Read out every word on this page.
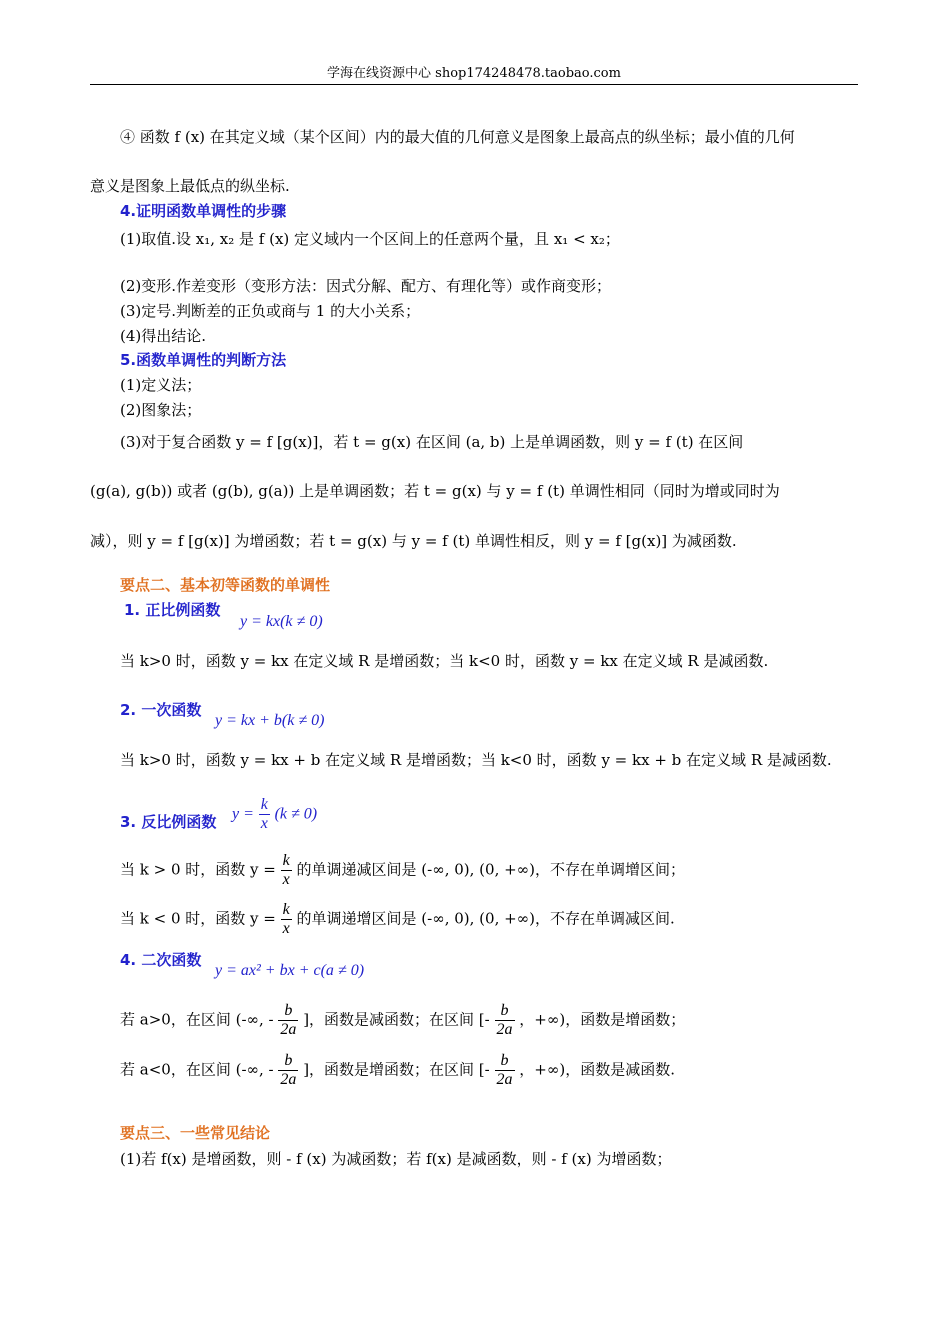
学海在线资源中心 shop174248478.taobao.com
④ 函数 f (x) 在其定义域（某个区间）内的最大值的几何意义是图象上最高点的纵坐标；最小值的几何
意义是图象上最低点的纵坐标.
4.证明函数单调性的步骤
(1)取值.设 x₁, x₂ 是 f (x) 定义域内一个区间上的任意两个量，且 x₁ < x₂；
(2)变形.作差变形（变形方法：因式分解、配方、有理化等）或作商变形；
(3)定号.判断差的正负或商与 1 的大小关系；
(4)得出结论.
5.函数单调性的判断方法
(1)定义法；
(2)图象法；
(3)对于复合函数 y = f [g(x)]，若 t = g(x) 在区间 (a, b) 上是单调函数，则 y = f (t) 在区间
(g(a), g(b)) 或者 (g(b), g(a)) 上是单调函数；若 t = g(x) 与 y = f (t) 单调性相同（同时为增或同时为
减），则 y = f [g(x)] 为增函数；若 t = g(x) 与 y = f (t) 单调性相反，则 y = f [g(x)] 为减函数.
要点二、基本初等函数的单调性
1. 正比例函数
y = kx(k ≠ 0)
当 k>0 时，函数 y = kx 在定义域 R 是增函数；当 k<0 时，函数 y = kx 在定义域 R 是减函数.
2. 一次函数
y = kx + b(k ≠ 0)
当 k>0 时，函数 y = kx + b 在定义域 R 是增函数；当 k<0 时，函数 y = kx + b 在定义域 R 是减函数.
3. 反比例函数 $y = \frac{k}{x} (k \ne 0)$
当 k > 0 时，函数 $y = \frac{k}{x}$ 的单调递减区间是 (-∞, 0), (0, +∞)，不存在单调增区间；
当 k < 0 时，函数 $y = \frac{k}{x}$ 的单调递增区间是 (-∞, 0), (0, +∞)，不存在单调减区间.
4. 二次函数
y = ax² + bx + c(a ≠ 0)
若 a>0，在区间 (-∞, - $\frac{b}{2a}$ ]，函数是减函数；在区间 [- $\frac{b}{2a}$ ，+∞)，函数是增函数；
若 a<0，在区间 (-∞, - $\frac{b}{2a}$ ]，函数是增函数；在区间 [- $\frac{b}{2a}$ ，+∞)，函数是减函数.
要点三、一些常见结论
(1)若 f(x) 是增函数，则 - f (x) 为减函数；若 f(x) 是减函数，则 - f (x) 为增函数；
